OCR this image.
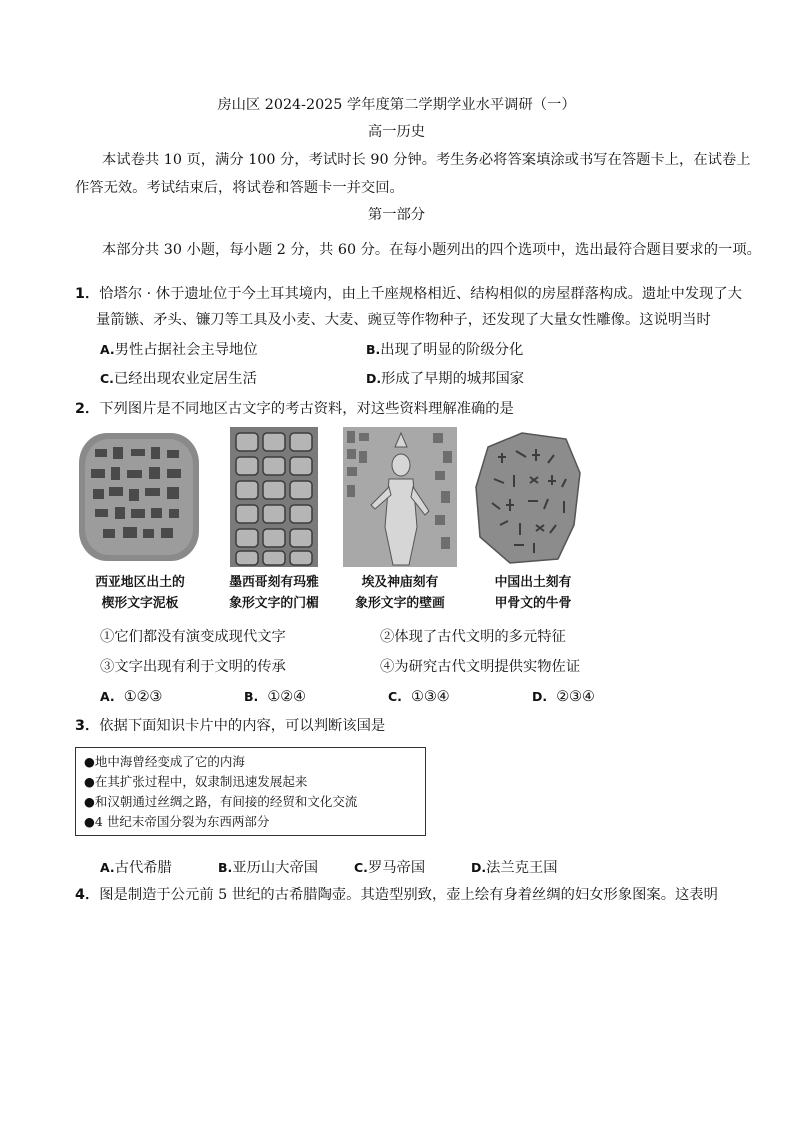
房山区 2024-2025 学年度第二学期学业水平调研（一）
高一历史
本试卷共 10 页，满分 100 分，考试时长 90 分钟。考生务必将答案填涂或书写在答题卡上，在试卷上
作答无效。考试结束后，将试卷和答题卡一并交回。
第一部分
本部分共 30 小题，每小题 2 分，共 60 分。在每小题列出的四个选项中，选出最符合题目要求的一项。
1．恰塔尔 · 休于遗址位于今土耳其境内，由上千座规格相近、结构相似的房屋群落构成。遗址中发现了大
量箭镞、矛头、镰刀等工具及小麦、大麦、豌豆等作物种子，还发现了大量女性雕像。这说明当时
A.男性占据社会主导地位	B.出现了明显的阶级分化
C.已经出现农业定居生活	D.形成了早期的城邦国家
2．下列图片是不同地区古文字的考古资料，对这些资料理解准确的是
西亚地区出土的
楔形文字泥板
墨西哥刻有玛雅
象形文字的门楣
埃及神庙刻有
象形文字的壁画
中国出土刻有
甲骨文的牛骨
①它们都没有演变成现代文字	②体现了古代文明的多元特征
③文字出现有利于文明的传承	④为研究古代文明提供实物佐证
A. ①②③	B. ①②④	C. ①③④	D. ②③④
3．依据下面知识卡片中的内容，可以判断该国是
●地中海曾经变成了它的内海
●在其扩张过程中，奴隶制迅速发展起来
●和汉朝通过丝绸之路，有间接的经贸和文化交流
●4 世纪末帝国分裂为东西两部分
A.古代希腊	B.亚历山大帝国	C.罗马帝国	D.法兰克王国
4．图是制造于公元前 5 世纪的古希腊陶壶。其造型别致，壶上绘有身着丝绸的妇女形象图案。这表明
